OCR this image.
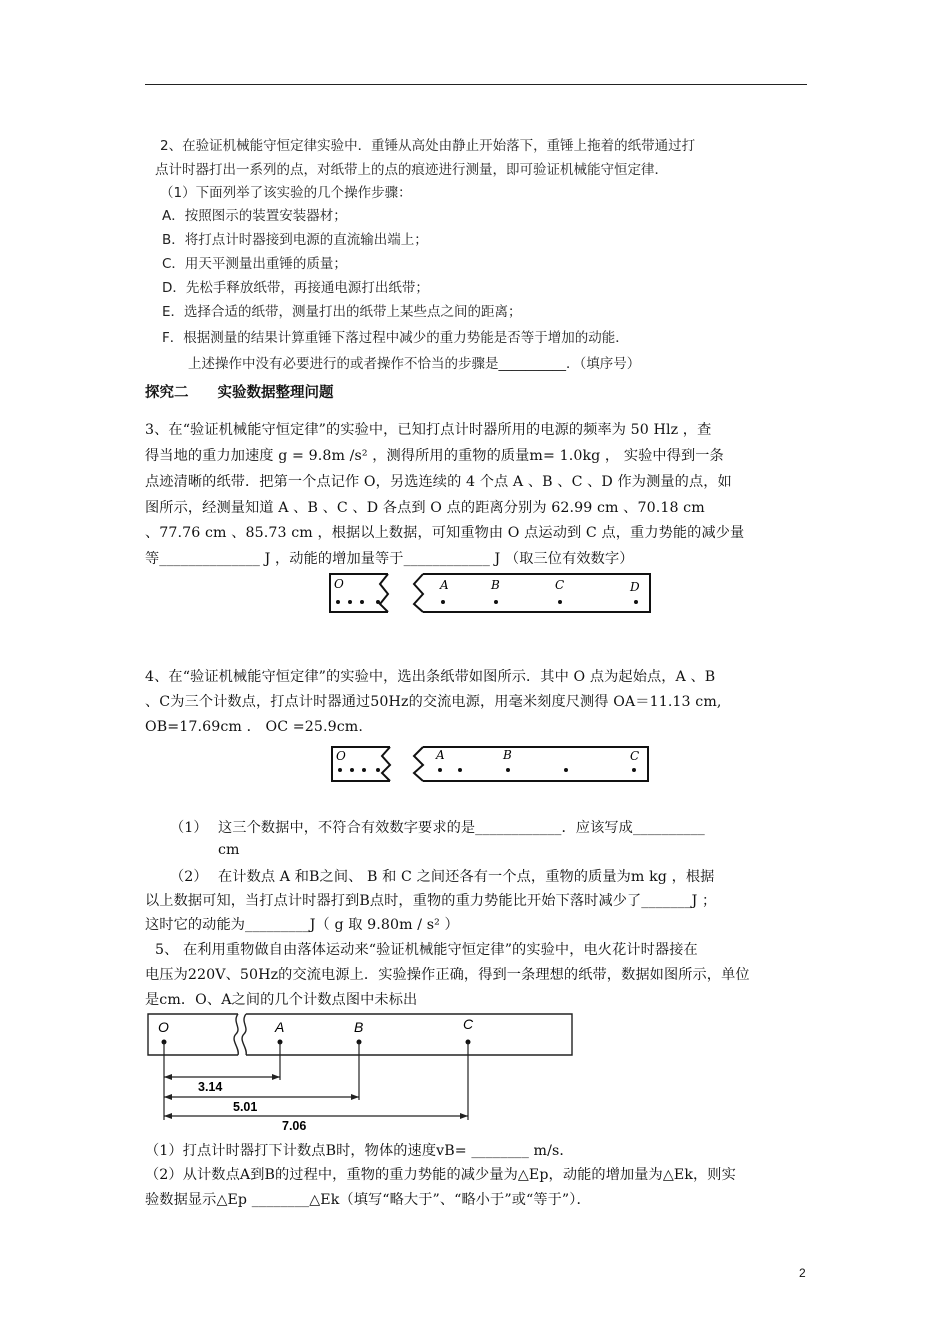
2、在验证机械能守恒定律实验中．重锤从高处由静止开始落下，重锤上拖着的纸带通过打
点计时器打出一系列的点，对纸带上的点的痕迹进行测量，即可验证机械能守恒定律．
（1）下面列举了该实验的几个操作步骤：
A．按照图示的装置安装器材；
B．将打点计时器接到电源的直流输出端上；
C．用天平测量出重锤的质量；
D．先松手释放纸带，再接通电源打出纸带；
E．选择合适的纸带，测量打出的纸带上某些点之间的距离；
F．根据测量的结果计算重锤下落过程中减少的重力势能是否等于增加的动能．
上述操作中没有必要进行的或者操作不恰当的步骤是__________．（填序号）
探究二　　实验数据整理问题
3、在“验证机械能守恒定律”的实验中，已知打点计时器所用的电源的频率为 50 Hlz ，查
得当地的重力加速度 g = 9.8m /s² ，测得所用的重物的质量m= 1.0kg ， 实验中得到一条
点迹清晰的纸带．把第一个点记作 O，另选连续的 4 个点 A 、B 、C 、D 作为测量的点，如
图所示，经测量知道 A 、B 、C 、D 各点到 O 点的距离分别为 62.99 cm 、70.18 cm
、77.76 cm 、85.73 cm ，根据以上数据，可知重物由 O 点运动到 C 点，重力势能的减少量
等______________ J ，动能的增加量等于____________ J （取三位有效数字）
O	A	B	C	D
4、在“验证机械能守恒定律”的实验中，选出条纸带如图所示．其中 O 点为起始点，A 、B
、C为三个计数点，打点计时器通过50Hz的交流电源，用毫米刻度尺测得 OA＝11.13 cm,
OB=17.69cm ． OC =25.9cm.
O	A	B	C
（1） 这三个数据中，不符合有效数字要求的是____________．应该写成__________
cm
（2） 在计数点 A 和B之间、 B 和 C 之间还各有一个点，重物的质量为m kg ，根据
以上数据可知，当打点计时器打到B点时，重物的重力势能比开始下落时减少了_______J ；
这时它的动能为_________J（ g 取 9.80m / s² ）
5、 在利用重物做自由落体运动来“验证机械能守恒定律”的实验中，电火花计时器接在
电压为220V、50Hz的交流电源上．实验操作正确，得到一条理想的纸带，数据如图所示，单位
是cm．O、A之间的几个计数点图中未标出
O	A	B	C
3.14
5.01
7.06
（1）打点计时器打下计数点B时，物体的速度vB= ________ m/s．
（2）从计数点A到B的过程中，重物的重力势能的减少量为△Ep，动能的增加量为△Ek，则实
验数据显示△Ep ________△Ek（填写“略大于”、“略小于”或“等于”）．
2
